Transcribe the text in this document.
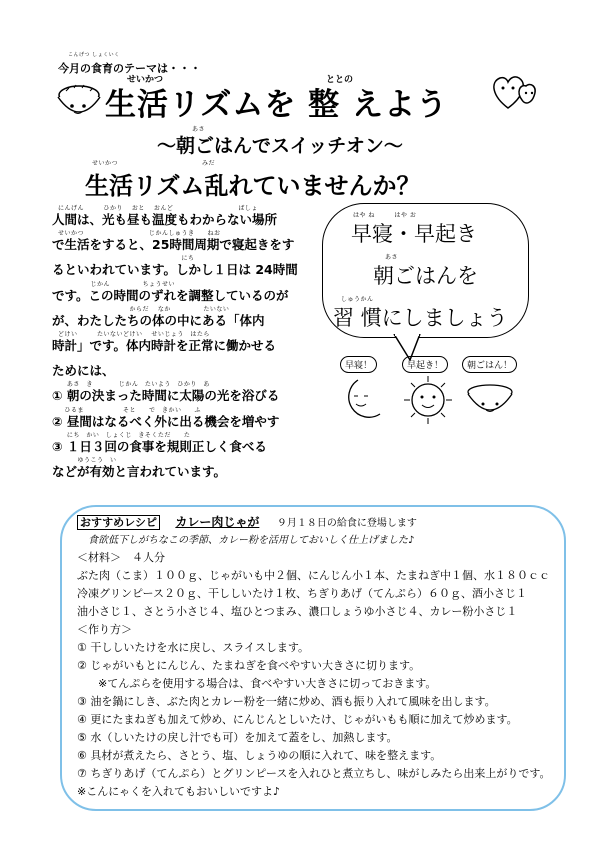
こんげつ しょくいく
今月の食育のテーマは・・・
せいかつ	ととの
生活リズムを 整 えよう
あさ
～朝ごはんでスイッチオン～
せいかつ	みだ
生活リズム乱れていませんか？
にんげん　　　ひかり　 おと　 おんど　　　　　　　　　　ばしょ
人間は、光も昼も温度もわからない場所
せいかつ　　　　　　　　　　じかんしゅうき　　ねお
で生活をすると、25時間周期で寝起きをす
　　　　　　　　　　　　　　　　　　　にち
るといわれています。しかし１日は 24時間
　　　　　じかん　　　　　ちょうせい
です。この時間のずれを調整しているのが
　　　　　　　　　　　からだ　 なか　　　　　たいない
が、わたしたちの体の中にある「体内
どけい　　　たいないどけい　 せいじょう　はたら
時計」です。体内時計を正常に働かせる
ためには、
　 あさ　き　　　　じかん　たいよう　ひかり　あ
① 朝の決まった時間に太陽の光を浴びる
　ひるま　　　　　　そと　　で　きかい　　ふ
② 昼間はなるべく外に出る機会を増やす
　 にち　かい　しょくじ　きそくただ　　た
③ １日３回の食事を規則正しく食べる
　　　ゆうこう　い
などが有効と言われています。
はや ね　　　はや お
早寝・早起き
あさ
朝ごはんを
しゅうかん
習 慣にしましょう
早寝！	早起き！	朝ごはん！
おすすめレシピ カレー肉じゃが ９月１８日の給食に登場します
食欲低下しがちなこの季節、カレー粉を活用しておいしく仕上げました♪
＜材料＞　４人分
ぶた肉（こま）１００ｇ、じゃがいも中２個、にんじん小１本、たまねぎ中１個、水１８０ｃｃ
冷凍グリンピース２０ｇ、干ししいたけ１枚、ちぎりあげ（てんぷら）６０ｇ、酒小さじ１
油小さじ１、さとう小さじ４、塩ひとつまみ、濃口しょうゆ小さじ４、カレー粉小さじ１
＜作り方＞
① 干ししいたけを水に戻し、スライスします。
② じゃがいもとにんじん、たまねぎを食べやすい大きさに切ります。
※てんぷらを使用する場合は、食べやすい大きさに切っておきます。
③ 油を鍋にしき、ぶた肉とカレー粉を一緒に炒め、酒も振り入れて風味を出します。
④ 更にたまねぎも加えて炒め、にんじんとしいたけ、じゃがいもも順に加えて炒めます。
⑤ 水（しいたけの戻し汁でも可）を加えて蓋をし、加熱します。
⑥ 具材が煮えたら、さとう、塩、しょうゆの順に入れて、味を整えます。
⑦ ちぎりあげ（てんぷら）とグリンピースを入れひと煮立ちし、味がしみたら出来上がりです。
※こんにゃくを入れてもおいしいですよ♪
